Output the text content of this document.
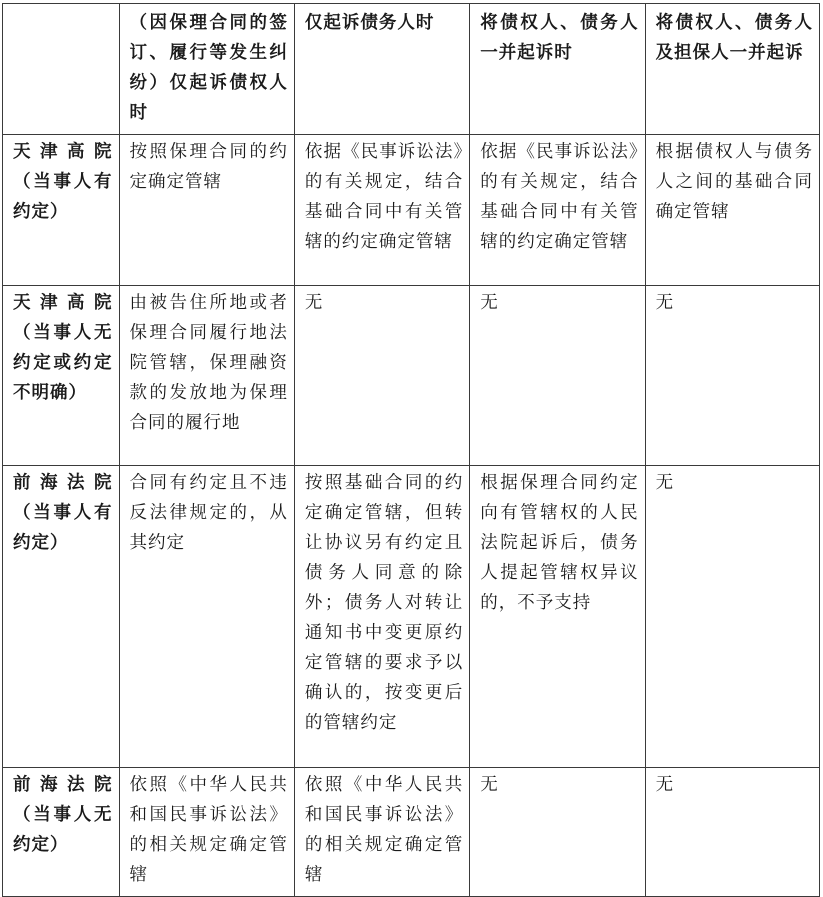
	（因保理合同的签订、履行等发生纠纷）仅起诉债权人时	仅起诉债务人时	将债权人、债务人一并起诉时	将债权人、债务人及担保人一并起诉
天津高院（当事人有约定）	按照保理合同的约定确定管辖	依据《民事诉讼法》的有关规定，结合基础合同中有关管辖的约定确定管辖	依据《民事诉讼法》的有关规定，结合基础合同中有关管辖的约定确定管辖	根据债权人与债务人之间的基础合同确定管辖
天津高院（当事人无约定或约定不明确）	由被告住所地或者保理合同履行地法院管辖，保理融资款的发放地为保理合同的履行地	无	无	无
前海法院（当事人有约定）	合同有约定且不违反法律规定的，从其约定	按照基础合同的约定确定管辖，但转让协议另有约定且债务人同意的除外；债务人对转让通知书中变更原约定管辖的要求予以确认的，按变更后的管辖约定	根据保理合同约定向有管辖权的人民法院起诉后，债务人提起管辖权异议的，不予支持	无
前海法院（当事人无约定）	依照《中华人民共和国民事诉讼法》的相关规定确定管辖	依照《中华人民共和国民事诉讼法》的相关规定确定管辖	无	无
